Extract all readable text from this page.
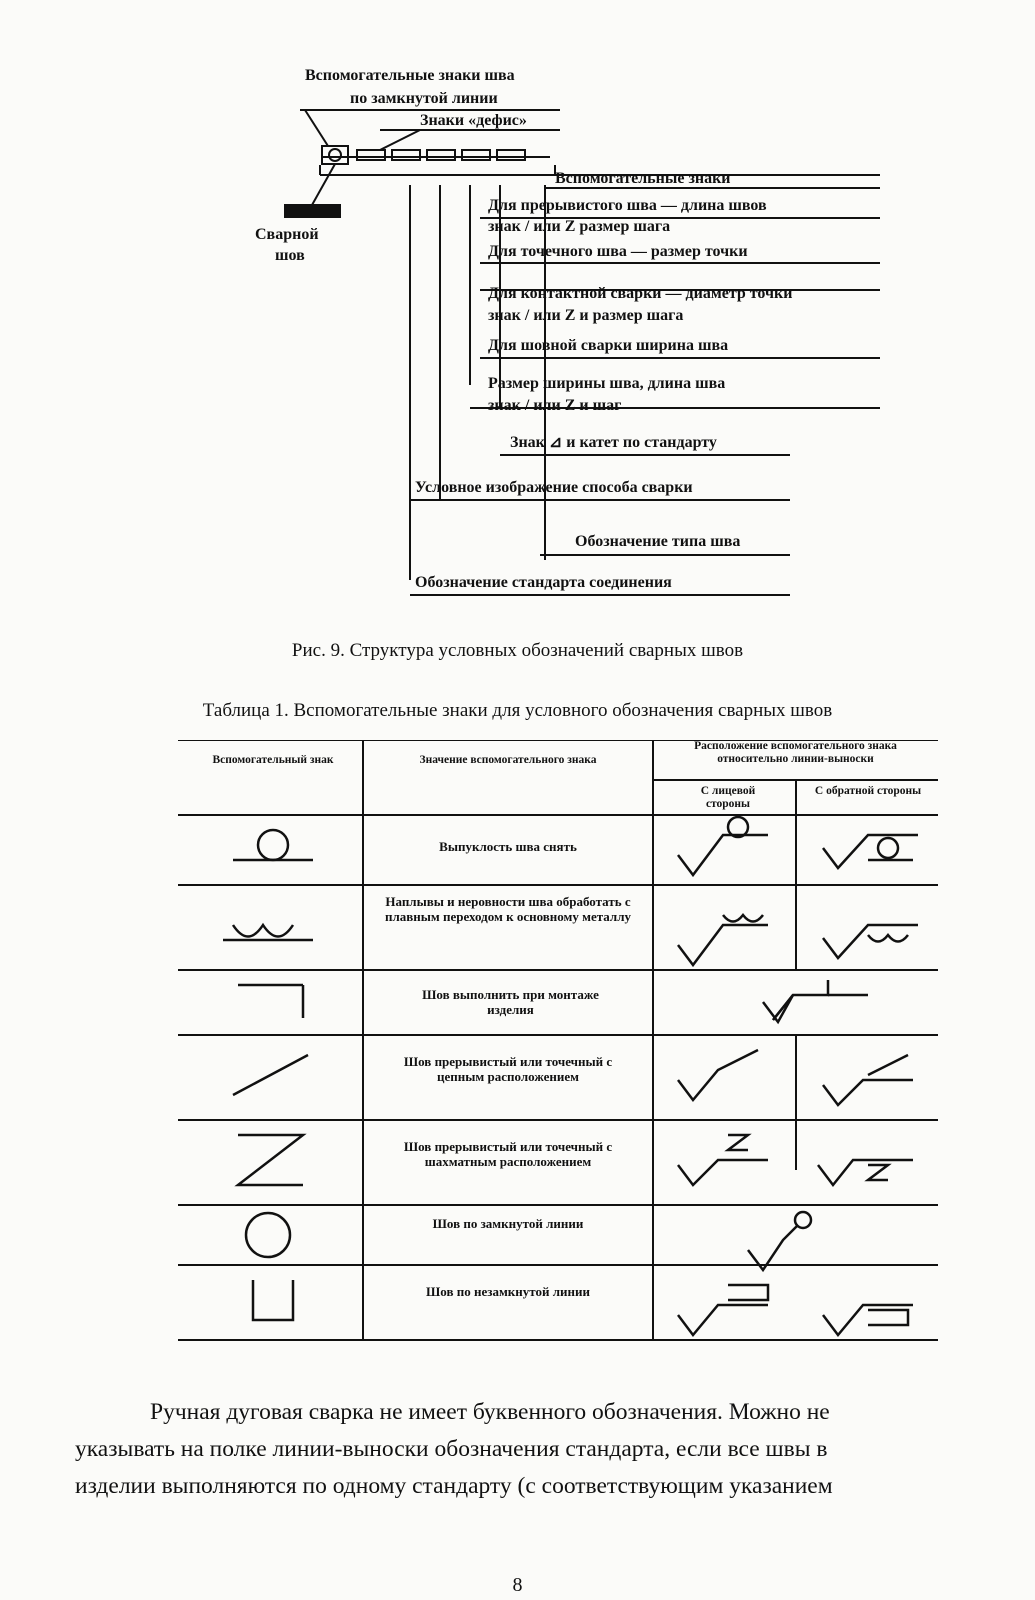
Вспомогательные знаки шва
по замкнутой линии
Знаки «дефис»
Сварной
шов
Вспомогательные знаки
Для прерывистого шва — длина швов
знак / или Z размер шага
Для точечного шва — размер точки
Для контактной сварки — диаметр точки
знак / или Z и размер шага
Для шовной сварки ширина шва
Размер ширины шва, длина шва
знак / или Z и шаг
Знак ⊿ и катет по стандарту
Условное изображение способа сварки
Обозначение типа шва
Обозначение стандарта соединения
Рис. 9. Структура условных обозначений сварных швов
Таблица 1. Вспомогательные знаки для условного обозначения сварных швов
Вспомогательный знак	Значение вспомогательного знака
Расположение вспомогательного знака относительно линии-выноски
С лицевой стороны
С обратной стороны
Выпуклость шва снять
Наплывы и неровности шва обработать с плавным переходом к основному металлу
Шов выполнить при монтаже изделия
Шов прерывистый или точечный с цепным расположением
Шов прерывистый или точечный с шахматным расположением
Шов по замкнутой линии
Шов по незамкнутой линии
Ручная дуговая сварка не имеет буквенного обозначения. Можно не
указывать на полке линии-выноски обозначения стандарта, если все швы в
изделии выполняются по одному стандарту (с соответствующим указанием
8
